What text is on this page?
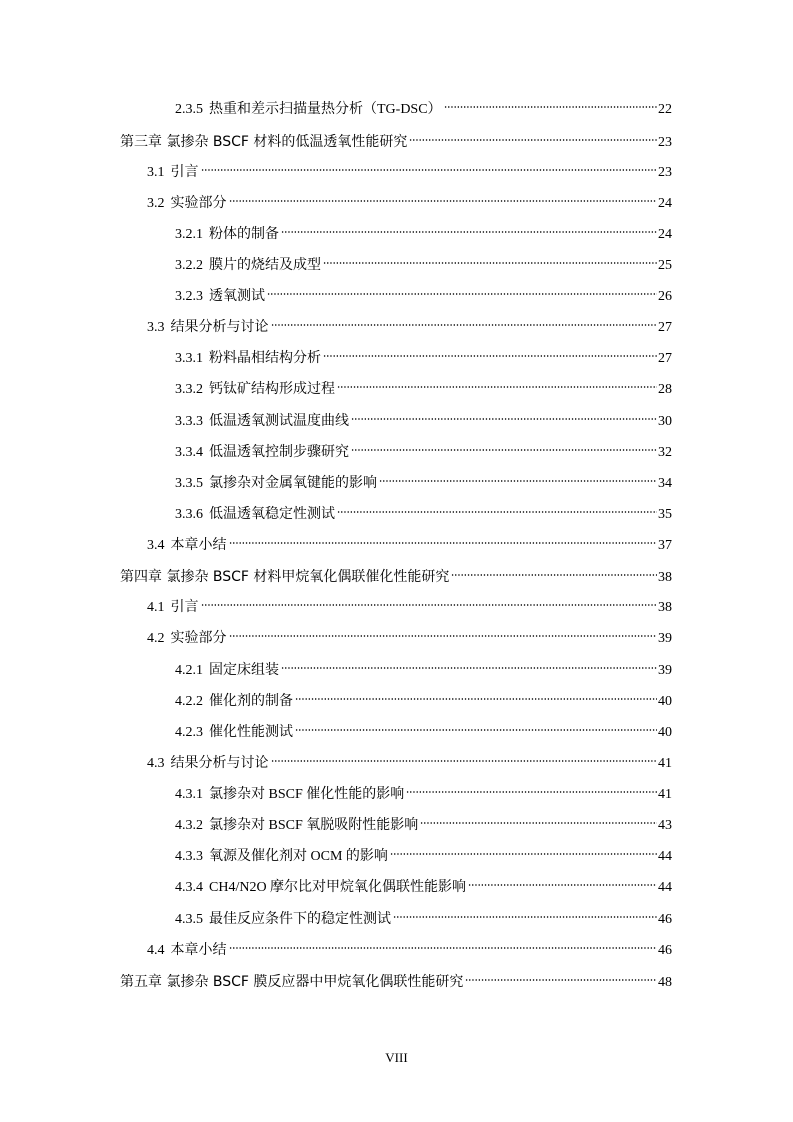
2.3.5 热重和差示扫描量热分析（TG-DSC）	22
第三章 氯掺杂 BSCF 材料的低温透氧性能研究	23
3.1 引言	23
3.2 实验部分	24
3.2.1 粉体的制备	24
3.2.2 膜片的烧结及成型	25
3.2.3 透氧测试	26
3.3 结果分析与讨论	27
3.3.1 粉料晶相结构分析	27
3.3.2 钙钛矿结构形成过程	28
3.3.3 低温透氧测试温度曲线	30
3.3.4 低温透氧控制步骤研究	32
3.3.5 氯掺杂对金属氧键能的影响	34
3.3.6 低温透氧稳定性测试	35
3.4 本章小结	37
第四章 氯掺杂 BSCF 材料甲烷氧化偶联催化性能研究	38
4.1 引言	38
4.2 实验部分	39
4.2.1 固定床组装	39
4.2.2 催化剂的制备	40
4.2.3 催化性能测试	40
4.3 结果分析与讨论	41
4.3.1 氯掺杂对 BSCF 催化性能的影响	41
4.3.2 氯掺杂对 BSCF 氧脱吸附性能影响	43
4.3.3 氧源及催化剂对 OCM 的影响	44
4.3.4 CH4/N2O 摩尔比对甲烷氧化偶联性能影响	44
4.3.5 最佳反应条件下的稳定性测试	46
4.4 本章小结	46
第五章 氯掺杂 BSCF 膜反应器中甲烷氧化偶联性能研究	48
VIII
